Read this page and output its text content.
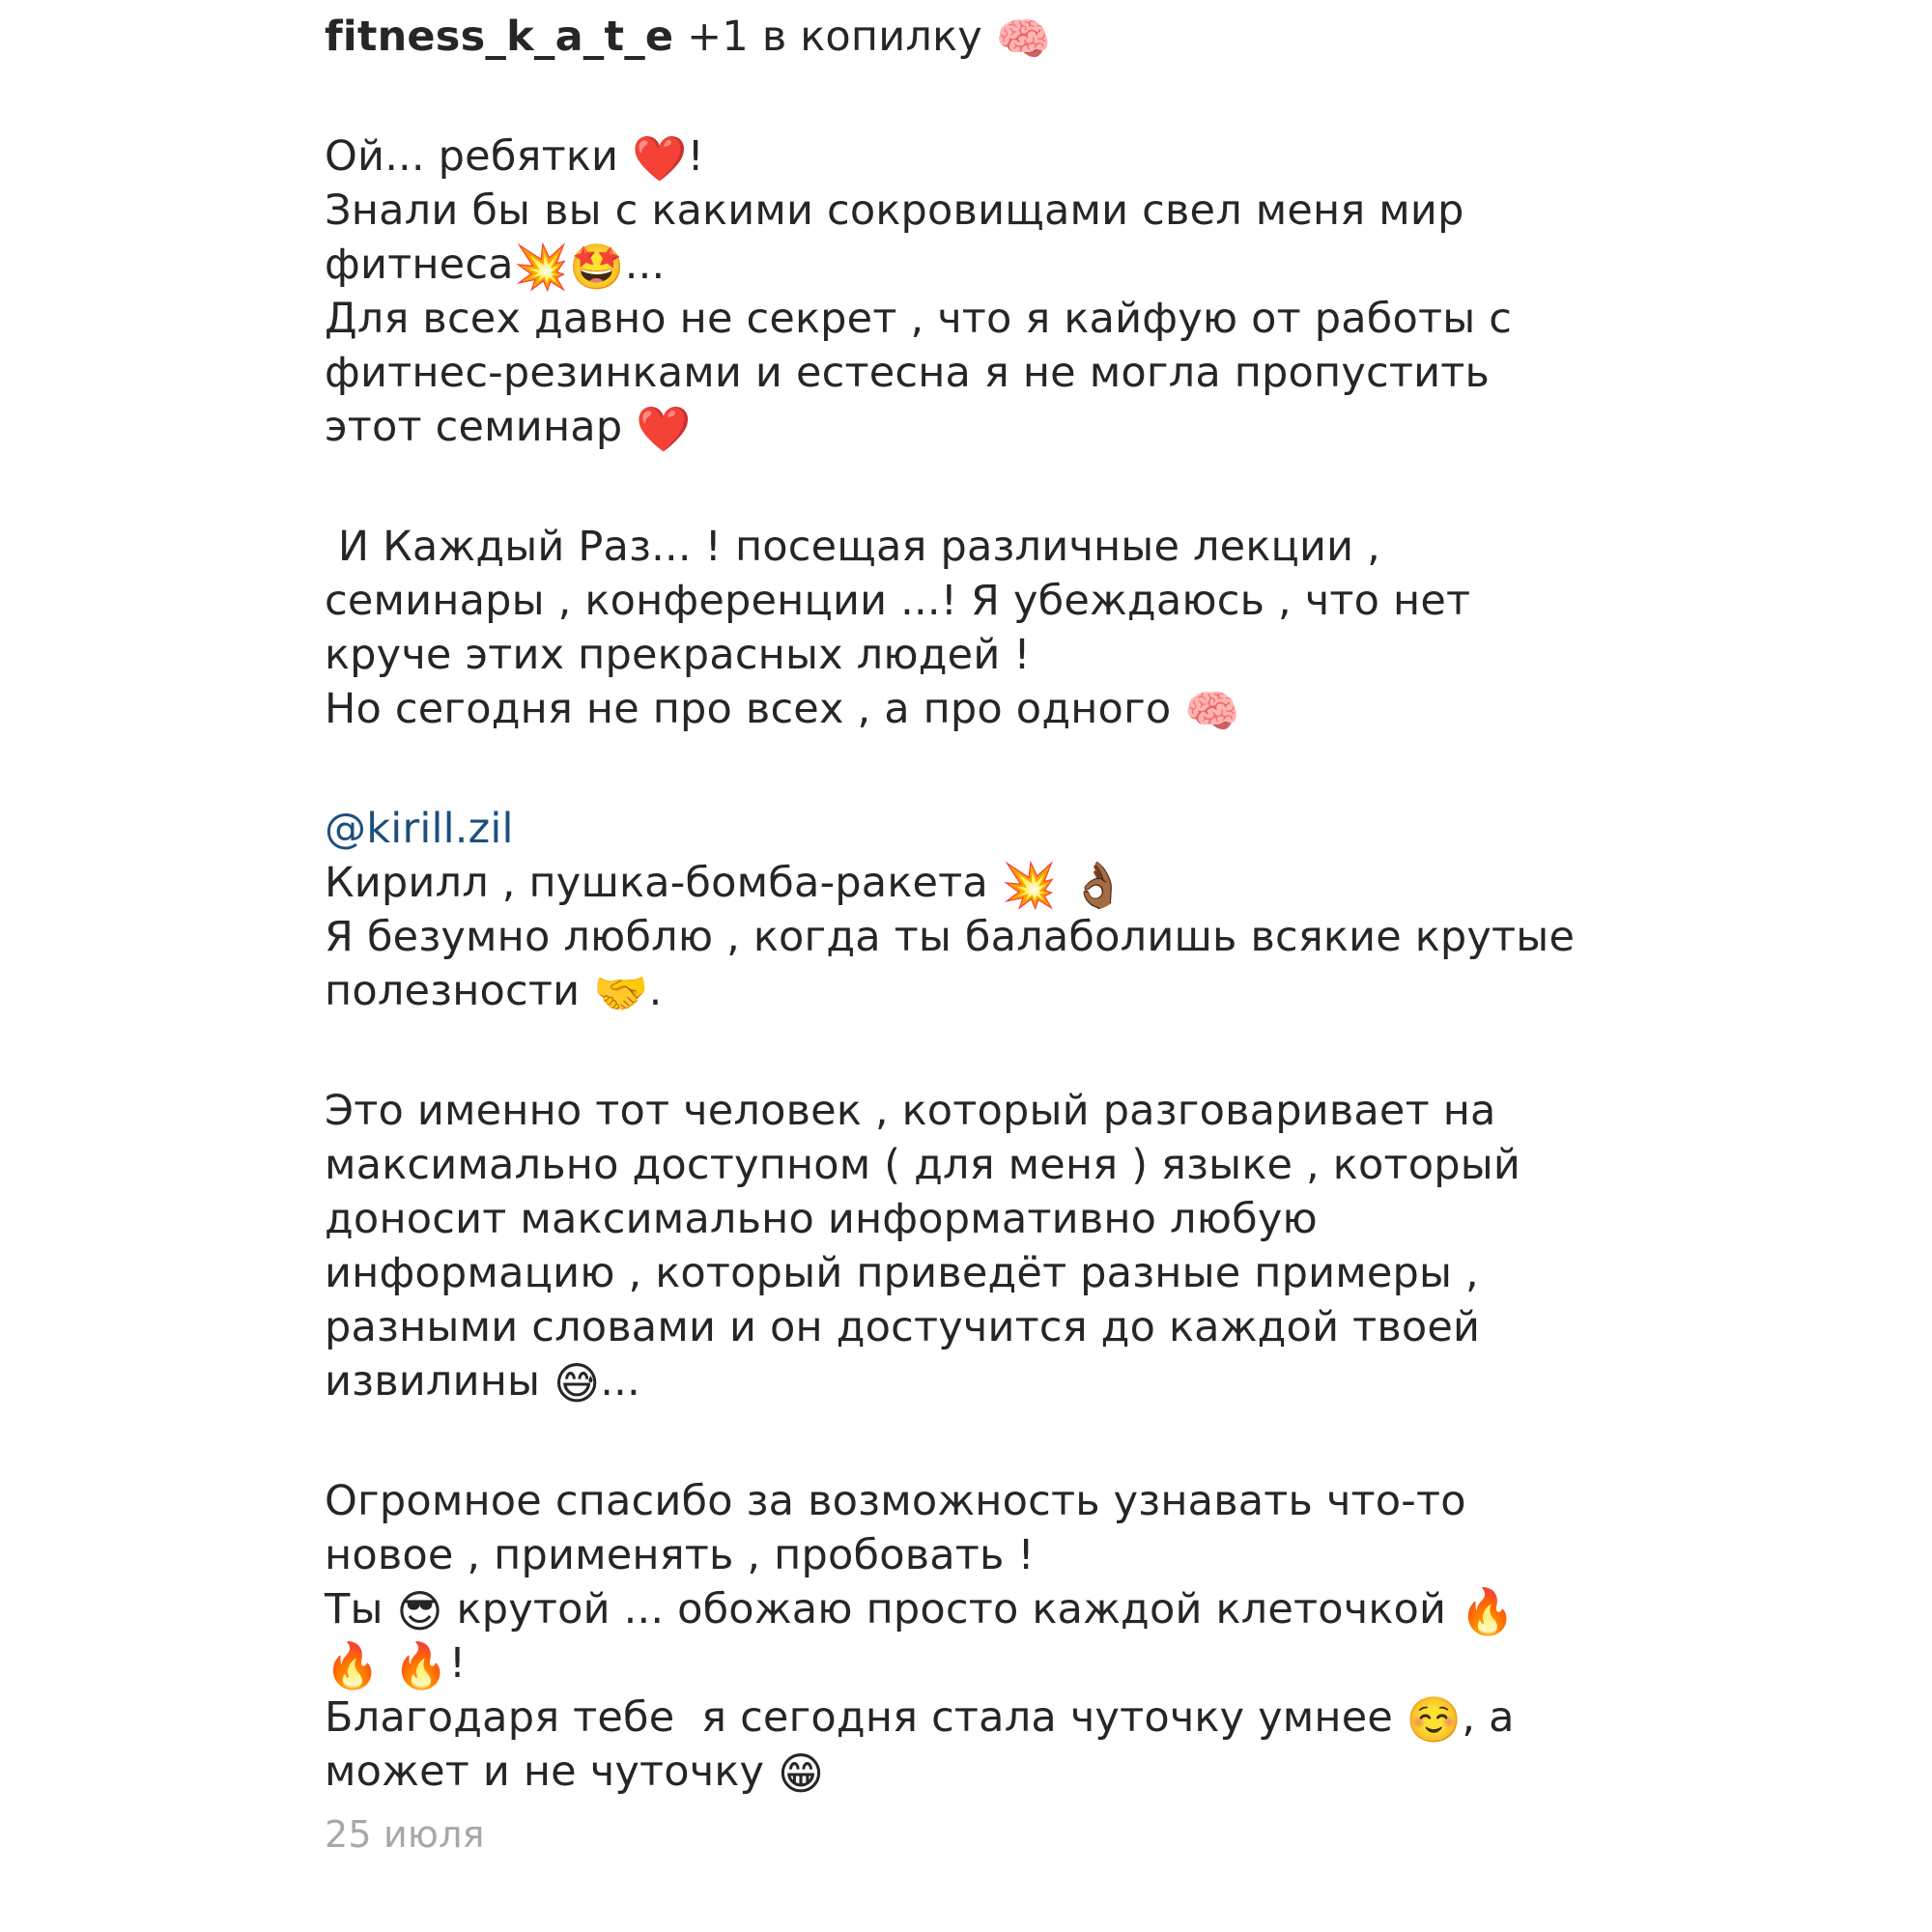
fitness_k_a_t_e +1 в копилку 🧠
Ой... ребятки ❤️!
Знали бы вы с какими сокровищами свел меня мир
фитнеса💥🤩...
Для всех давно не секрет , что я кайфую от работы с
фитнес-резинками и естесна я не могла пропустить
этот семинар ❤️
И Каждый Раз... ! посещая различные лекции ,
семинары , конференции ...! Я убеждаюсь , что нет
круче этих прекрасных людей !
Но сегодня не про всех , а про одного 🧠
@kirill.zil
Кирилл , пушка-бомба-ракета 💥 👌🏾
Я безумно люблю , когда ты балаболишь всякие крутые
полезности 🤝.
Это именно тот человек , который разговаривает на
максимально доступном ( для меня ) языке , который
доносит максимально информативно любую
информацию , который приведёт разные примеры ,
разными словами и он достучится до каждой твоей
извилины 😅...
Огромное спасибо за возможность узнавать что-то
новое , применять , пробовать !
Ты 😎 крутой ... обожаю просто каждой клеточкой 🔥
🔥 🔥!
Благодаря тебе  я сегодня стала чуточку умнее ☺️, а
может и не чуточку 😁
25 июля
